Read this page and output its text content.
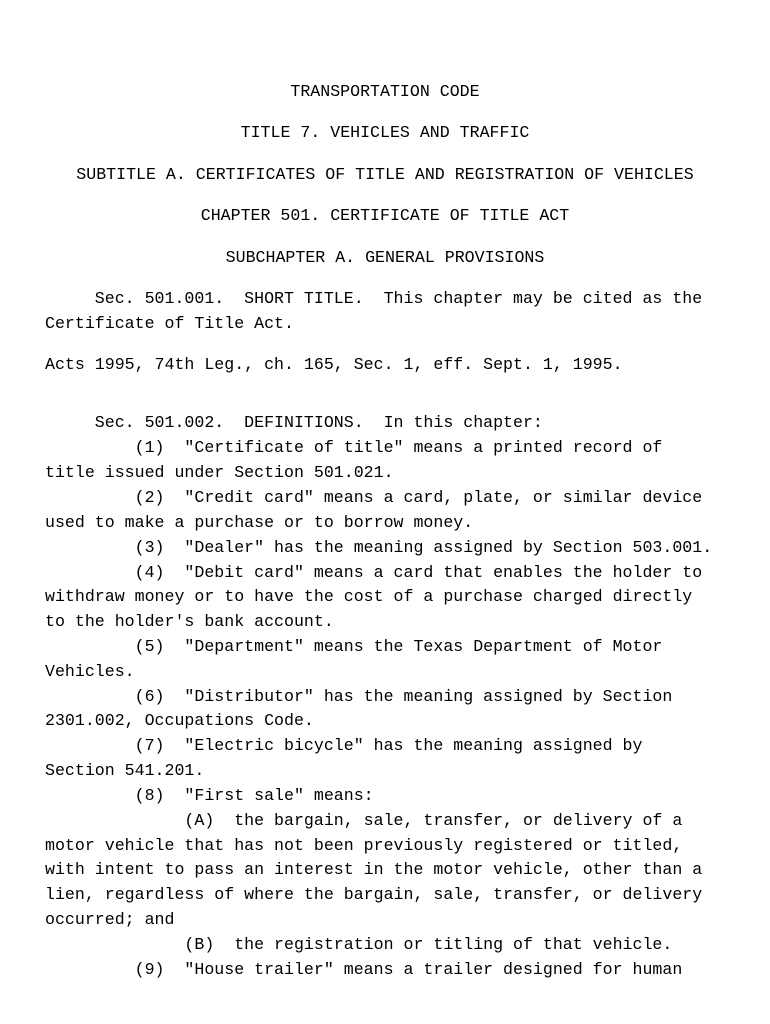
TRANSPORTATION CODE

TITLE 7. VEHICLES AND TRAFFIC

SUBTITLE A. CERTIFICATES OF TITLE AND REGISTRATION OF VEHICLES

CHAPTER 501. CERTIFICATE OF TITLE ACT

SUBCHAPTER A. GENERAL PROVISIONS

Sec. 501.001.  SHORT TITLE.  This chapter may be cited as the

Certificate of Title Act.

Acts 1995, 74th Leg., ch. 165, Sec. 1, eff. Sept. 1, 1995.

Sec. 501.002.  DEFINITIONS.  In this chapter:

(1)  "Certificate of title" means a printed record of

title issued under Section 501.021.

(2)  "Credit card" means a card, plate, or similar device

used to make a purchase or to borrow money.

(3)  "Dealer" has the meaning assigned by Section 503.001.

(4)  "Debit card" means a card that enables the holder to

withdraw money or to have the cost of a purchase charged directly

to the holder's bank account.

(5)  "Department" means the Texas Department of Motor

Vehicles.

(6)  "Distributor" has the meaning assigned by Section

2301.002, Occupations Code.

(7)  "Electric bicycle" has the meaning assigned by

Section 541.201.

(8)  "First sale" means:

(A)  the bargain, sale, transfer, or delivery of a

motor vehicle that has not been previously registered or titled,

with intent to pass an interest in the motor vehicle, other than a

lien, regardless of where the bargain, sale, transfer, or delivery

occurred; and

(B)  the registration or titling of that vehicle.

(9)  "House trailer" means a trailer designed for human
